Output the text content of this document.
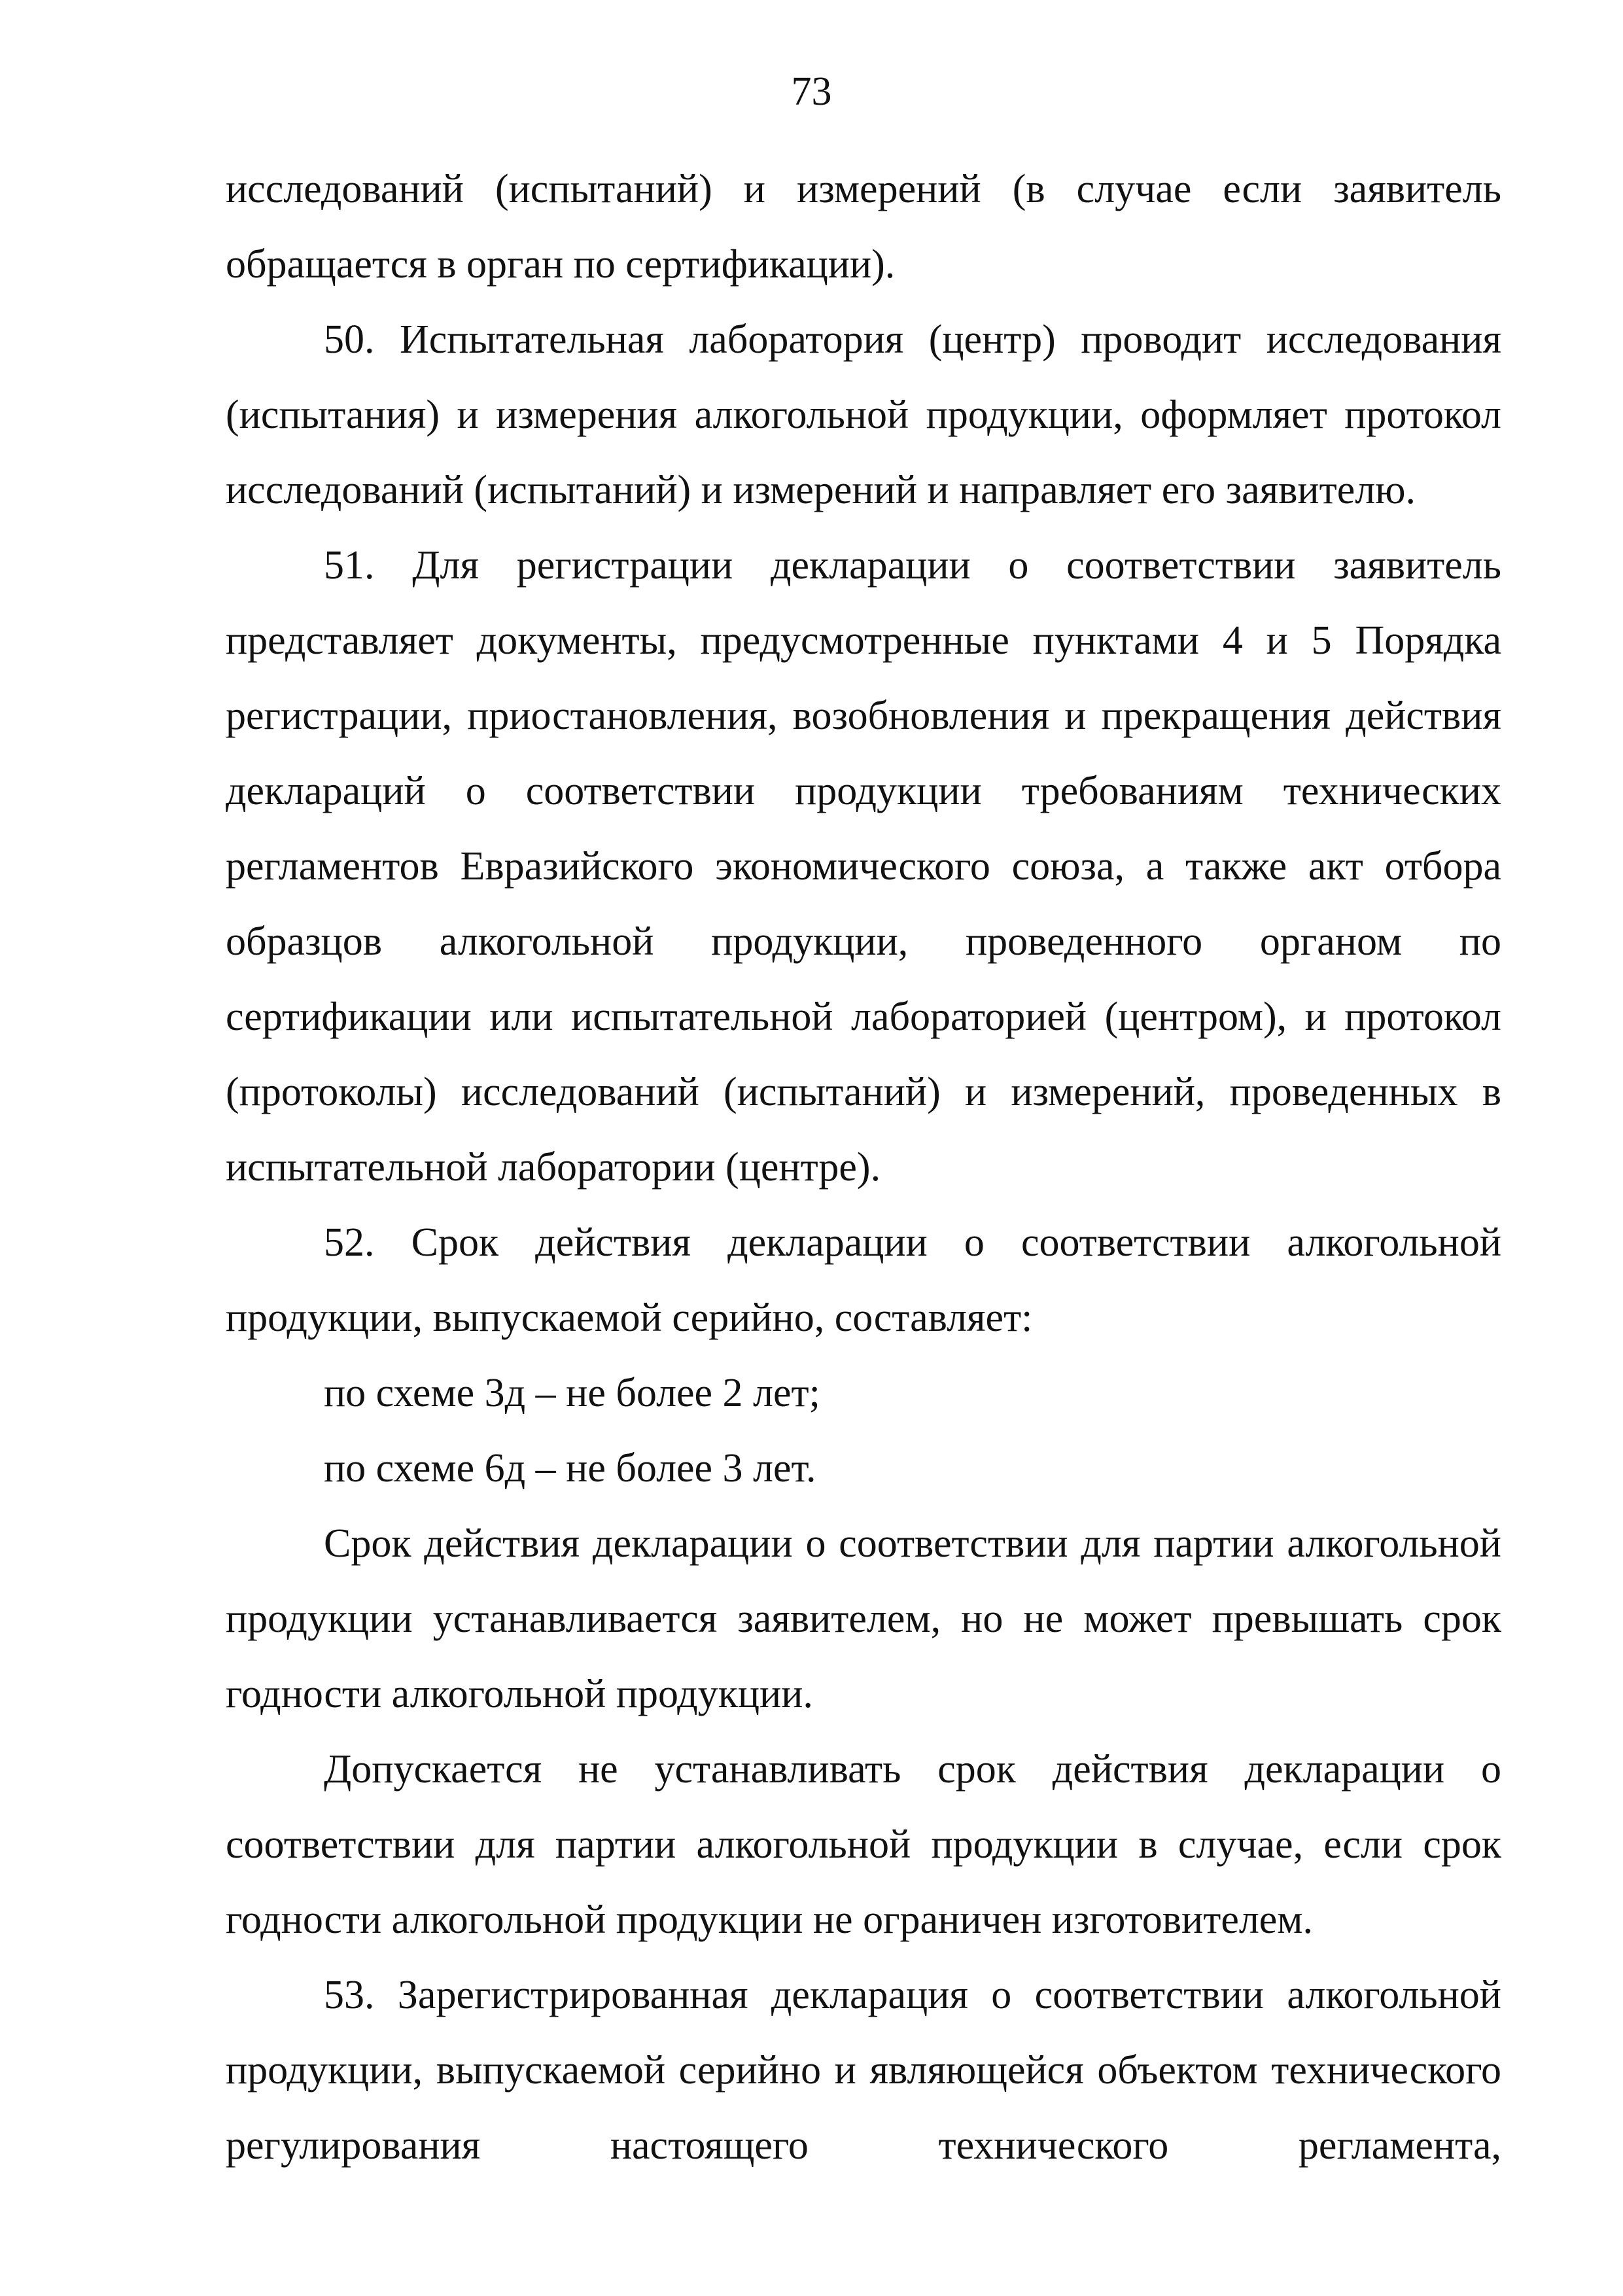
73

исследований (испытаний) и измерений (в случае если заявитель обращается в орган по сертификации).

50. Испытательная лаборатория (центр) проводит исследования (испытания) и измерения алкогольной продукции, оформляет протокол исследований (испытаний) и измерений и направляет его заявителю.

51. Для регистрации декларации о соответствии заявитель представляет документы, предусмотренные пунктами 4 и 5 Порядка регистрации, приостановления, возобновления и прекращения действия деклараций о соответствии продукции требованиям технических регламентов Евразийского экономического союза, а также акт отбора образцов алкогольной продукции, проведенного органом по сертификации или испытательной лабораторией (центром), и протокол (протоколы) исследований (испытаний) и измерений, проведенных в испытательной лаборатории (центре).

52. Срок действия декларации о соответствии алкогольной продукции, выпускаемой серийно, составляет:

по схеме 3д – не более 2 лет;

по схеме 6д – не более 3 лет.

Срок действия декларации о соответствии для партии алкогольной продукции устанавливается заявителем, но не может превышать срок годности алкогольной продукции.

Допускается не устанавливать срок действия декларации о соответствии для партии алкогольной продукции в случае, если срок годности алкогольной продукции не ограничен изготовителем.

53. Зарегистрированная декларация о соответствии алкогольной продукции, выпускаемой серийно и являющейся объектом технического регулирования настоящего технического регламента,
